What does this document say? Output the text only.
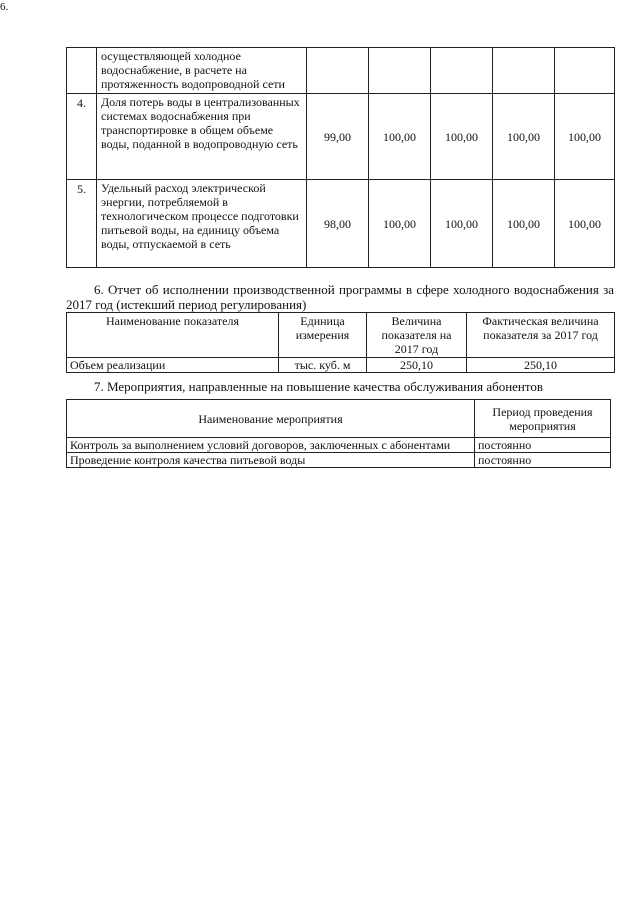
6.
	осуществляющей холодное водоснабжение, в расчете на протяженность водопроводной сети					
4.	Доля потерь воды в централизованных системах водоснабжения при транспортировке в общем объеме воды, поданной в водопроводную сеть	99,00	100,00	100,00	100,00	100,00
5.	Удельный расход электрической энергии, потребляемой в технологическом процессе подготовки питьевой воды, на единицу объема воды, отпускаемой в сеть	98,00	100,00	100,00	100,00	100,00
6. Отчет об исполнении производственной программы в сфере холодного водоснабжения за 2017 год (истекший период регулирования)
Наименование показателя	Единица измерения	Величина показателя на 2017 год	Фактическая величина показателя за 2017 год
Объем реализации	тыс. куб. м	250,10	250,10
7. Мероприятия, направленные на повышение качества обслуживания абонентов
Наименование мероприятия	Период проведения мероприятия
Контроль за выполнением условий договоров, заключенных с абонентами	постоянно
Проведение контроля качества питьевой воды	постоянно
